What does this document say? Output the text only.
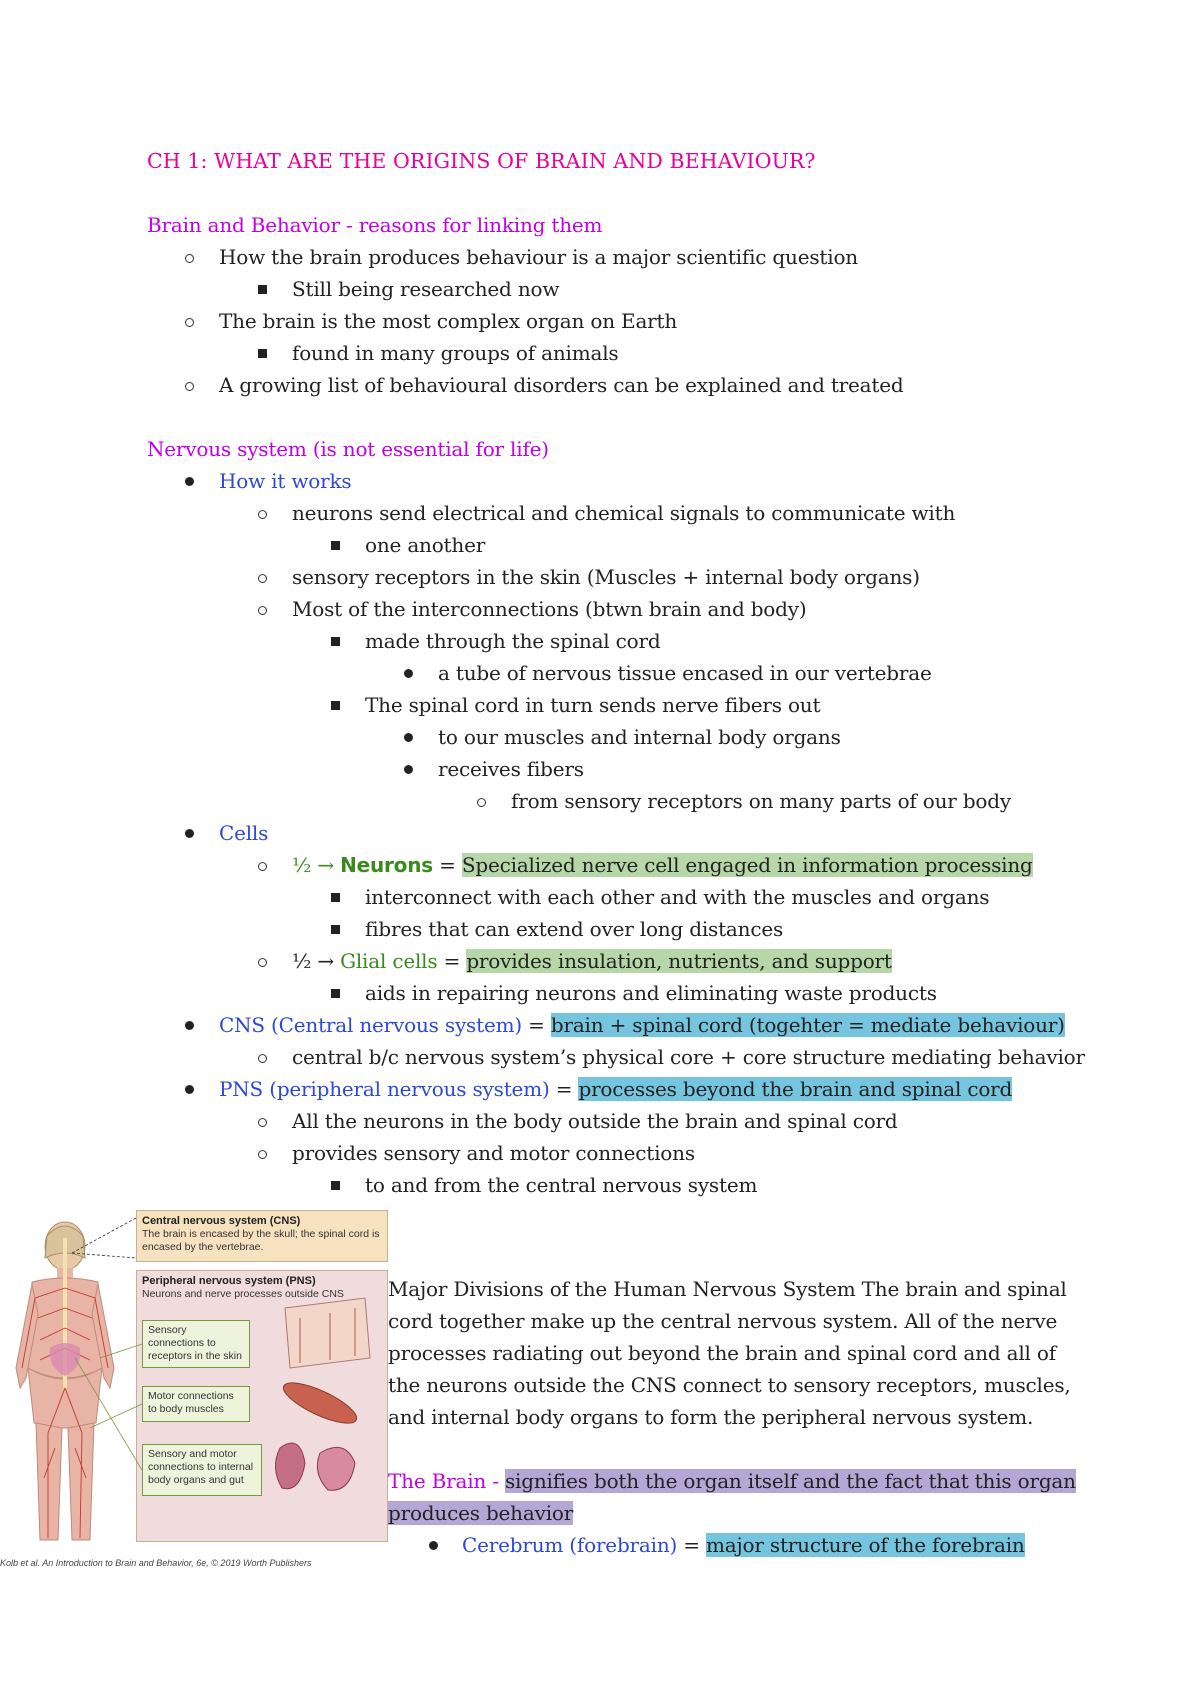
CH 1: WHAT ARE THE ORIGINS OF BRAIN AND BEHAVIOUR?
Brain and Behavior - reasons for linking them
How the brain produces behaviour is a major scientific question
Still being researched now
The brain is the most complex organ on Earth
found in many groups of animals
A growing list of behavioural disorders can be explained and treated
Nervous system (is not essential for life)
How it works
neurons send electrical and chemical signals to communicate with
one another
sensory receptors in the skin (Muscles + internal body organs)
Most of the interconnections (btwn brain and body)
made through the spinal cord
a tube of nervous tissue encased in our vertebrae
The spinal cord in turn sends nerve fibers out
to our muscles and internal body organs
receives fibers
from sensory receptors on many parts of our body
Cells
½ → Neurons = Specialized nerve cell engaged in information processing
interconnect with each other and with the muscles and organs
fibres that can extend over long distances
½ → Glial cells = provides insulation, nutrients, and support
aids in repairing neurons and eliminating waste products
CNS (Central nervous system) = brain + spinal cord (togehter = mediate behaviour)
central b/c nervous system’s physical core + core structure mediating behavior
PNS (peripheral nervous system) = processes beyond the brain and spinal cord
All the neurons in the body outside the brain and spinal cord
provides sensory and motor connections
to and from the central nervous system
Central nervous system (CNS)
The brain is encased by the skull; the spinal cord is encased by the vertebrae.
Peripheral nervous system (PNS)
Neurons and nerve processes outside CNS
Sensory connections to receptors in the skin
Motor connections to body muscles
Sensory and motor connections to internal body organs and gut
Kolb et al. An Introduction to Brain and Behavior, 6e, © 2019 Worth Publishers
Major Divisions of the Human Nervous System The brain and spinal
cord together make up the central nervous system. All of the nerve
processes radiating out beyond the brain and spinal cord and all of
the neurons outside the CNS connect to sensory receptors, muscles,
and internal body organs to form the peripheral nervous system.
The Brain - signifies both the organ itself and the fact that this organ
produces behavior
Cerebrum (forebrain) = major structure of the forebrain
